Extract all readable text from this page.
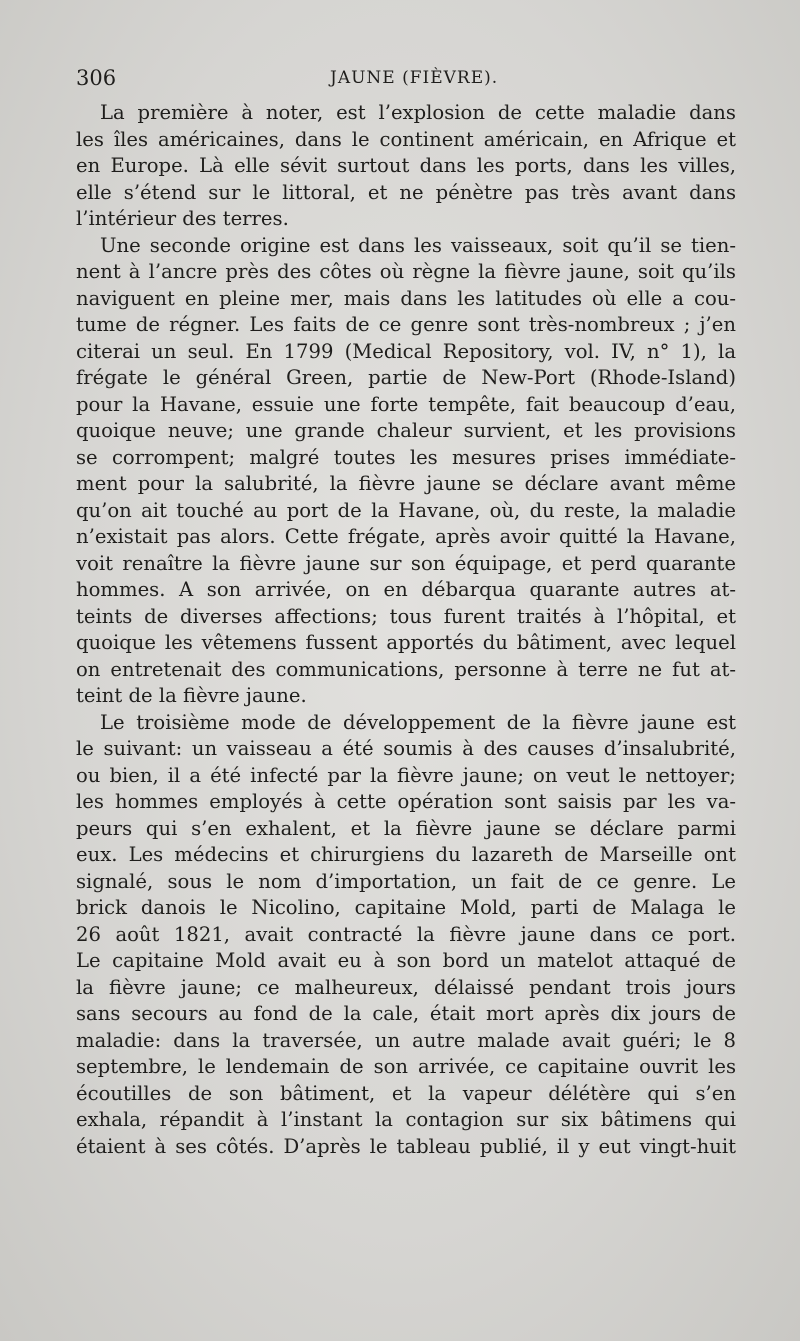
306	JAUNE (FIÈVRE).

La première à noter, est l’explosion de cette maladie dans
les îles américaines, dans le continent américain, en Afrique et
en Europe. Là elle sévit surtout dans les ports, dans les villes,
elle s’étend sur le littoral, et ne pénètre pas très avant dans
l’intérieur des terres.

Une seconde origine est dans les vaisseaux, soit qu’il se tien-
nent à l’ancre près des côtes où règne la fièvre jaune, soit qu’ils
naviguent en pleine mer, mais dans les latitudes où elle a cou-
tume de régner. Les faits de ce genre sont très-nombreux ; j’en
citerai un seul. En 1799 (Medical Repository, vol. IV, n° 1), la
frégate le général Green, partie de New-Port (Rhode-Island)
pour la Havane, essuie une forte tempête, fait beaucoup d’eau,
quoique neuve; une grande chaleur survient, et les provisions
se corrompent; malgré toutes les mesures prises immédiate-
ment pour la salubrité, la fièvre jaune se déclare avant même
qu’on ait touché au port de la Havane, où, du reste, la maladie
n’existait pas alors. Cette frégate, après avoir quitté la Havane,
voit renaître la fièvre jaune sur son équipage, et perd quarante
hommes. A son arrivée, on en débarqua quarante autres at-
teints de diverses affections; tous furent traités à l’hôpital, et
quoique les vêtemens fussent apportés du bâtiment, avec lequel
on entretenait des communications, personne à terre ne fut at-
teint de la fièvre jaune.

Le troisième mode de développement de la fièvre jaune est
le suivant: un vaisseau a été soumis à des causes d’insalubrité,
ou bien, il a été infecté par la fièvre jaune; on veut le nettoyer;
les hommes employés à cette opération sont saisis par les va-
peurs qui s’en exhalent, et la fièvre jaune se déclare parmi
eux. Les médecins et chirurgiens du lazareth de Marseille ont
signalé, sous le nom d’importation, un fait de ce genre. Le
brick danois le Nicolino, capitaine Mold, parti de Malaga le
26 août 1821, avait contracté la fièvre jaune dans ce port.
Le capitaine Mold avait eu à son bord un matelot attaqué de
la fièvre jaune; ce malheureux, délaissé pendant trois jours
sans secours au fond de la cale, était mort après dix jours de
maladie: dans la traversée, un autre malade avait guéri; le 8
septembre, le lendemain de son arrivée, ce capitaine ouvrit les
écoutilles de son bâtiment, et la vapeur délétère qui s’en
exhala, répandit à l’instant la contagion sur six bâtimens qui
étaient à ses côtés. D’après le tableau publié, il y eut vingt-huit
